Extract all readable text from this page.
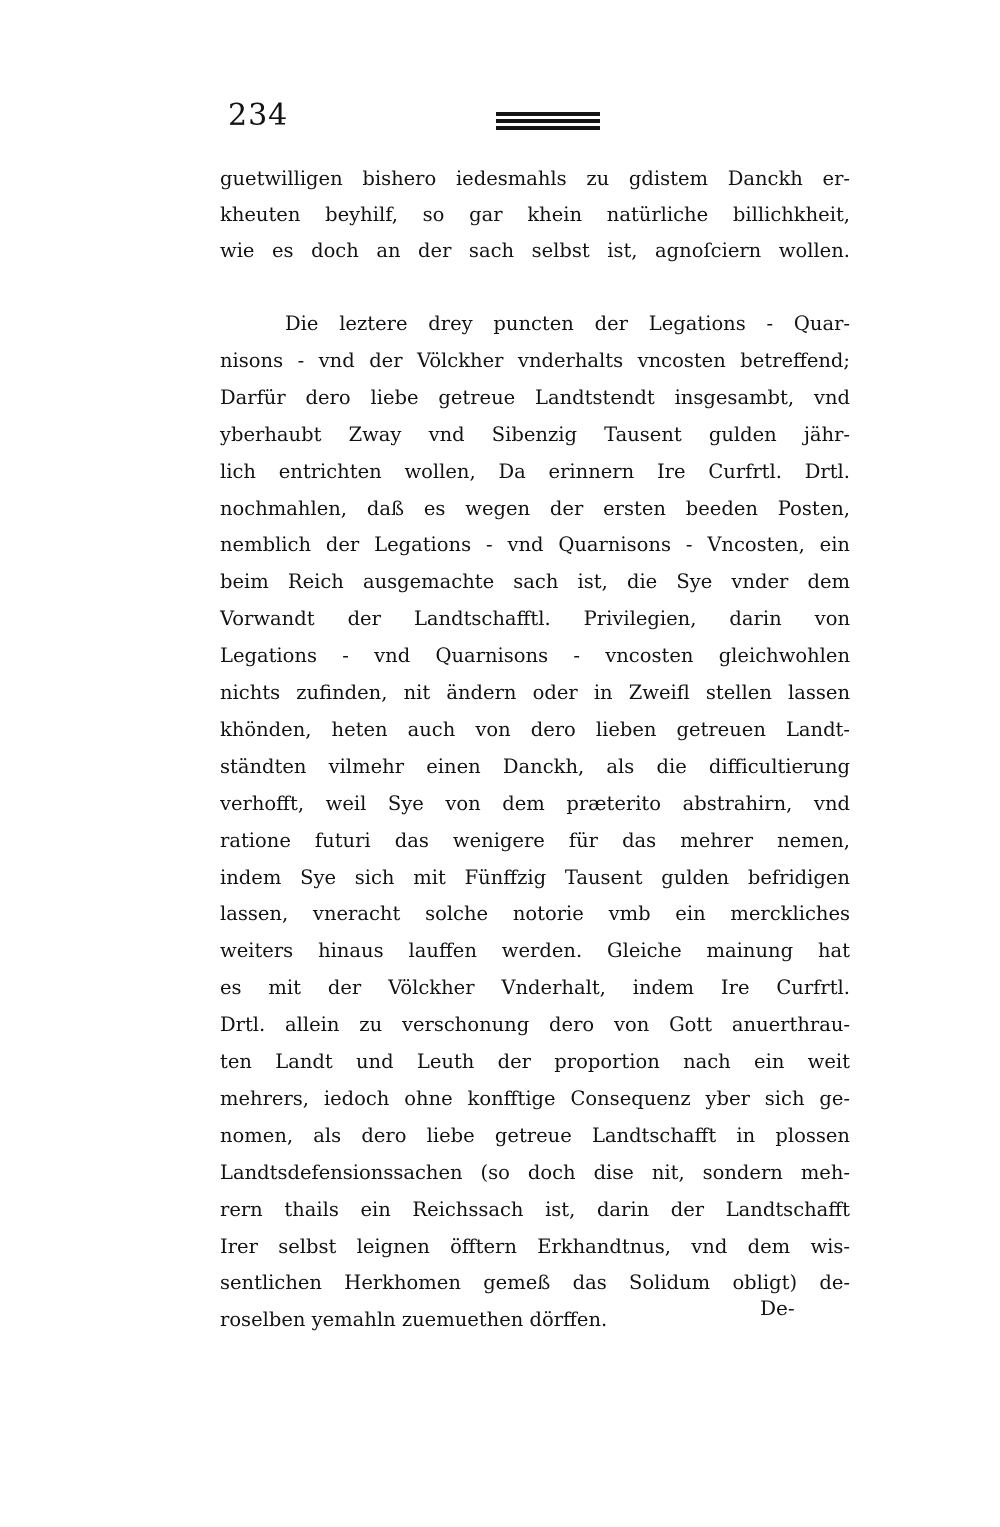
234

guetwilligen bishero iedesmahls zu gdistem Danckh er-

kheuten beyhilf, so gar khein natürliche billichkheit,

wie es doch an der sach selbst ist, agnoſciern wollen.

Die leztere drey puncten der Legations - Quar-

nisons - vnd der Völckher vnderhalts vncosten betreffend;

Darfür dero liebe getreue Landtstendt insgesambt, vnd

yberhaubt Zway vnd Sibenzig Tausent gulden jähr-

lich entrichten wollen, Da erinnern Ire Curfrtl. Drtl.

nochmahlen, daß es wegen der ersten beeden Posten,

nemblich der Legations - vnd Quarnisons - Vncosten, ein

beim Reich ausgemachte sach ist, die Sye vnder dem

Vorwandt der Landtschafftl. Privilegien, darin von

Legations - vnd Quarnisons - vncosten gleichwohlen

nichts zufinden, nit ändern oder in Zweifl stellen lassen

khönden, heten auch von dero lieben getreuen Landt-

ständten vilmehr einen Danckh, als die difficultierung

verhofft, weil Sye von dem præterito abstrahirn, vnd

ratione futuri das wenigere für das mehrer nemen,

indem Sye sich mit Fünffzig Tausent gulden befridigen

lassen, vneracht solche notorie vmb ein merckliches

weiters hinaus lauffen werden. Gleiche mainung hat

es mit der Völckher Vnderhalt, indem Ire Curfrtl.

Drtl. allein zu verschonung dero von Gott anuerthrau-

ten Landt und Leuth der proportion nach ein weit

mehrers, iedoch ohne konfftige Consequenz yber sich ge-

nomen, als dero liebe getreue Landtschafft in plossen

Landtsdefensionssachen (so doch dise nit, sondern meh-

rern thails ein Reichssach ist, darin der Landtschafft

Irer selbst leignen öfftern Erkhandtnus, vnd dem wis-

sentlichen Herkhomen gemeß das Solidum obligt) de-

roselben yemahln zuemuethen dörffen.	De-
